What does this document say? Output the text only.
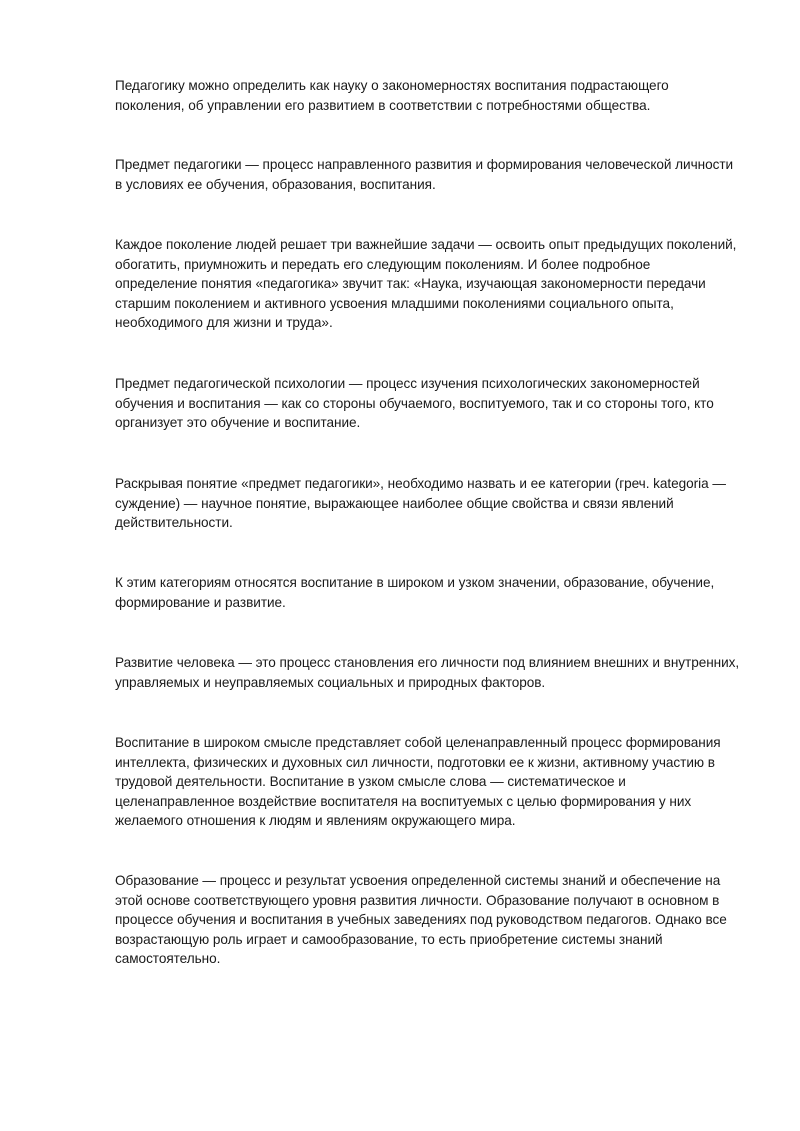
Педагогику можно определить как науку о закономерностях воспитания подрастающего
поколения, об управлении его развитием в соответствии с потребностями общества.

Предмет педагогики — процесс направленного развития и формирования человеческой личности
в условиях ее обучения, образования, воспитания.

Каждое поколение людей решает три важнейшие задачи — освоить опыт предыдущих поколений,
обогатить, приумножить и передать его следующим поколениям. И более подробное
определение понятия «педагогика» звучит так: «Наука, изучающая закономерности передачи
старшим поколением и активного усвоения младшими поколениями социального опыта,
необходимого для жизни и труда».

Предмет педагогической психологии — процесс изучения психологических закономерностей
обучения и воспитания — как со стороны обучаемого, воспитуемого, так и со стороны того, кто
организует это обучение и воспитание.

Раскрывая понятие «предмет педагогики», необходимо назвать и ее категории (греч. kategoria —
суждение) — научное понятие, выражающее наиболее общие свойства и связи явлений
действительности.

К этим категориям относятся воспитание в широком и узком значении, образование, обучение,
формирование и развитие.

Развитие человека — это процесс становления его личности под влиянием внешних и внутренних,
управляемых и неуправляемых социальных и природных факторов.

Воспитание в широком смысле представляет собой целенаправленный процесс формирования
интеллекта, физических и духовных сил личности, подготовки ее к жизни, активному участию в
трудовой деятельности. Воспитание в узком смысле слова — систематическое и
целенаправленное воздействие воспитателя на воспитуемых с целью формирования у них
желаемого отношения к людям и явлениям окружающего мира.

Образование — процесс и результат усвоения определенной системы знаний и обеспечение на
этой основе соответствующего уровня развития личности. Образование получают в основном в
процессе обучения и воспитания в учебных заведениях под руководством педагогов. Однако все
возрастающую роль играет и самообразование, то есть приобретение системы знаний
самостоятельно.
